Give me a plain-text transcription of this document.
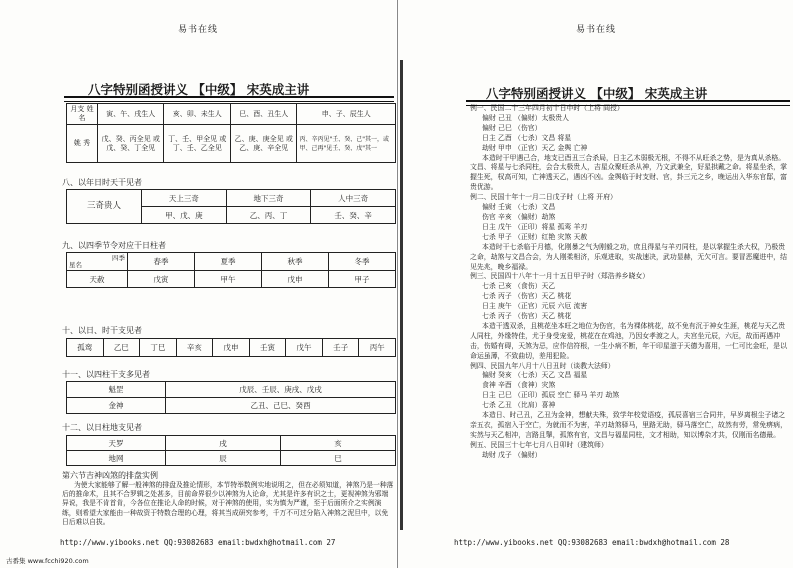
易书在线
八字特别函授讲义 【中级】 宋英成主讲
月支 姓名	寅、午、戌生人	亥、卯、未生人	巳、酉、丑生人	申、子、辰生人
姚 秀	戊、癸、丙全见 或 戊、癸、丁全见	丁、壬、甲全见 或 丁、壬、乙全见	乙、庚、庚全见 或 乙、庚、辛全见	丙、辛丙见"壬、癸、己"其一，或甲、己再"见壬、癸、戊"其一
八、以年日时天干见者
三奇贵人	天上三奇	地下三奇	人中三奇
	甲、戊、庚	乙、丙、丁	壬、癸、辛
九、以四季节令对应干日柱者
四季
星名	春季	夏季	秋季	冬季
天赦	戊寅	甲午	戊申	甲子
十、以日、时干支见者
孤鸾	乙巳	丁巳	辛亥	戊申	壬寅	戊午	壬子	丙午
十一、以四柱干支多见者
魁罡	戊辰、壬辰、庚戌、戊戌
金神	乙丑、己巳、癸酉
十二、以日柱地支见者
天罗	戌	亥
地网	辰	巳
第六节吉神凶煞的排盘实例

为使大家能够了解一般神煞的排盘及推论情形，本节特举数例实地说明之，但在必须知道，神煞乃是一种落后的推命术，且其不合罗辑之处甚多，目前命界很少以神煞为人论命，尤其是许多有识之士，更视神煞为邪端异说，我是不肯首肯，今各位在推论人命的时候，对于神煞的使用，实为慎为严谨，至于后面所介之实例演练，则希望大家能由一种故资于特数合理的心理，将其当成研究参考，千万不可过分陷入神煞之泥旦中，以免日后难以自拔。

http://www.yibooks.net QQ:93082683 email:bwdxh@hotmail.com 27
古番集 www.fcchi920.com
易书在线
八字特别函授讲义 【中级】 宋英成主讲

例一、民国二十三年四月初十日申时（上将 阎授）

偏财 己丑 （偏财）太极贵人

偏财 己巳 （伤官）

日主 乙酉 （七杀）文昌 将星

劫财 甲申 （正官）天乙 金舆 亡神

本造时干甲遇己合，地支已酉丑三合杀局，日主乙木弱极无根，不得不从旺杀之势，是为真从杀格。文昌、将星与七杀同柱，会合太极贵人，吉星众聚旺杀从神，乃文武兼全，好星拱戴之命。将星坐杀，掌握生死，权高可知，亡神透天乙，遇凶不凶。金舆临于时支财、官，卦三元之乡，晚运出入华东官邸，富贵优游。

例二、民国十年十一月二日戊子时（上将 开府）

偏财 壬寅 （七杀）文昌

伤官 辛亥 （偏财）劫煞

日主 戊午 （正印）将星 孤鸾 羊刃

七杀 甲子 （正财）红艳 灾煞 天赦

本造时干七杀临于月德，化刚暴之气为刚毅之功，庶且得星与羊刃同柱，是以掌握生杀大权，乃极贵之命，劫煞与文昌合会，为人刚柔相济，乐观进取，实战速决，武功显赫，无欠可言。要冒恶魔进中，结见先兆，晚乡福禄。

例三、民国四十八年十一月十五日甲子时（郑浩养乡晓女）

七杀 己亥 （食伤）天乙

七杀 丙子 （伤官）天乙 桃花

日主 庚午 （正官）元辰 六厄 流害

七杀 丙子 （伤官）天乙 桃花

本造干透双杀，且桃花坐本旺之地位为伤官，名为裸体桃花，故不免有沉于神女生涯，桃花与天乙贵人同柱，外缘特佳，尤于身受宠爱，桃花在在鸡池，乃因女孝渡之人，夫宫坐元辰，六厄，故而再遇冲击，伤婚有碍，天煞为忌，应作信符根，一生小病不断，年干印星滋于天德为喜用，一仁可比金旺，是以命运虽薄，不致曲切，差用犯险。

例四、民国九年八月十八日丑时（谈教大法师）

偏财 癸亥 （七杀）天乙 文昌 福星

食神 辛酉 （食神）灾煞

日主 己巳 （正印）孤辰 空亡 驿马 羊刃 劫煞

七杀 乙丑 （比肩）喜神

本造日、时己丑，乙丑为金神，想献夫殊，致学年校觉语疫，孤辰喜宿三合同井，早岁离根尘子诸之亲五衣，孤宿入于空亡，为就而不为害，羊刃劫煞驿马，里路无助，驿马落空亡，故然有劳，常免痹病，实然与天乙相冲，言路且掣，孤煞有官，文昌与福星同柱，文才相助，知以博杂才共，仅刚而名德最。

例五、民国三十七年七月八日卯时（建筑师）

劫财 戊子 （偏财）

http://www.yibooks.net QQ:93082683 email:bwdxh@hotmail.com 28
